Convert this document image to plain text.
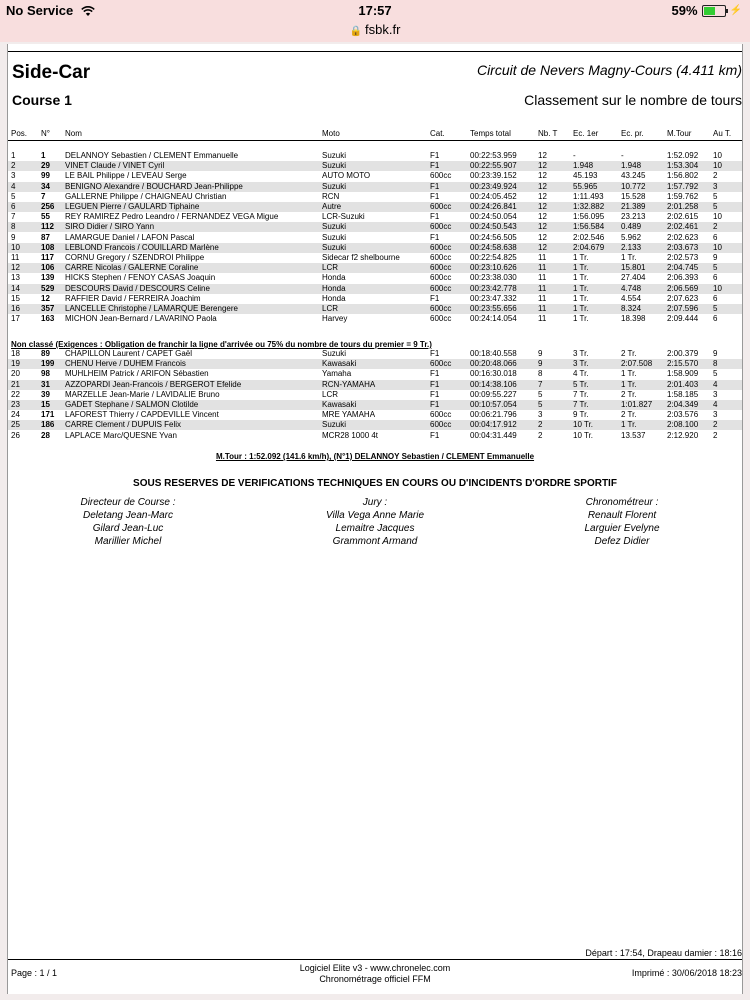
No Service	17:57	59%	⚡
🔒 fsbk.fr
Side-Car	Circuit de Nevers Magny-Cours (4.411 km)
Course 1	Classement sur le nombre de tours
Pos. N° Nom	Moto	Cat.	Temps total	Nb. T Ec. 1er	Ec. pr.	M.Tour	Au T.
1	1 DELANNOY Sebastien / CLEMENT Emmanuelle	Suzuki	F1	00:22:53.959	12	-	-	1:52.092 10
2	29 VINET Claude / VINET Cyril	Suzuki	F1	00:22:55.907	12	1.948	1.948	1:53.304 10
3	99 LE BAIL Philippe / LEVEAU Serge	AUTO MOTO	600cc 00:23:39.152	12	45.193	43.245	1:56.802 2
4	34 BENIGNO Alexandre / BOUCHARD Jean-Philippe	Suzuki	F1	00:23:49.924	12	55.965	10.772	1:57.792 3
5	7 GALLERNE Philippe / CHAIGNEAU Christian	RCN	F1	00:24:05.452	12	1:11.493 15.528	1:59.762 5
6	256 LEGUEN Pierre / GAULARD Tiphaine	Autre	600cc 00:24:26.841	12	1:32.882 21.389	2:01.258 5
7	55 REY RAMIREZ Pedro Leandro / FERNANDEZ VEGA Migue	LCR-Suzuki	F1	00:24:50.054	12	1:56.095 23.213	2:02.615 10
8	112 SIRO Didier / SIRO Yann	Suzuki	600cc 00:24:50.543	12	1:56.584 0.489	2:02.461 2
9	87 LAMARGUE Daniel / LAFON Pascal	Suzuki	F1	00:24:56.505	12	2:02.546 5.962	2:02.623 6
10	108 LEBLOND Francois / COUILLARD Marlène	Suzuki	600cc 00:24:58.638	12	2:04.679 2.133	2:03.673 10
11	117 CORNU Gregory / SZENDROI Philippe	Sidecar f2 shelbourne	600cc 00:22:54.825	11	1 Tr.	1 Tr.	2:02.573 9
12	106 CARRE Nicolas / GALERNE Coraline	LCR	600cc 00:23:10.626	11	1 Tr.	15.801	2:04.745 5
13	139 HICKS Stephen / FENOY CASAS Joaquin	Honda	600cc 00:23:38.030	11	1 Tr.	27.404	2:06.393 6
14	529 DESCOURS David / DESCOURS Celine	Honda	600cc 00:23:42.778	11	1 Tr.	4.748	2:06.569 10
15	12 RAFFIER David / FERREIRA Joachim	Honda	F1	00:23:47.332	11	1 Tr.	4.554	2:07.623 6
16	357 LANCELLE Christophe / LAMARQUE Berengere	LCR	600cc 00:23:55.656	11	1 Tr.	8.324	2:07.596 5
17	163 MICHON Jean-Bernard / LAVARINO Paola	Harvey	600cc 00:24:14.054	11	1 Tr.	18.398	2:09.444 6
Non classé (Exigences : Obligation de franchir la ligne d'arrivée ou 75% du nombre de tours du premier = 9 Tr.)
18	89 CHAPILLON Laurent / CAPET Gaël	Suzuki	F1	00:18:40.558	9	3 Tr.	2 Tr.	2:00.379 9
19	199 CHENU Herve / DUHEM Francois	Kawasaki	600cc 00:20:48.066	9	3 Tr.	2:07.508 2:15.570 8
20	98 MUHLHEIM Patrick / ARIFON Sébastien	Yamaha	F1	00:16:30.018	8	4 Tr.	1 Tr.	1:58.909 5
21	31 AZZOPARDI Jean-Francois / BERGEROT Efelide	RCN-YAMAHA	F1	00:14:38.106	7	5 Tr.	1 Tr.	2:01.403 4
22	39 MARZELLE Jean-Marie / LAVIDALIE Bruno	LCR	F1	00:09:55.227	5	7 Tr.	2 Tr.	1:58.185 3
23	15 GADET Stephane / SALMON Clotilde	Kawasaki	F1	00:10:57.054	5	7 Tr.	1:01.827 2:04.349 4
24	171 LAFOREST Thierry / CAPDEVILLE Vincent	MRE YAMAHA	600cc 00:06:21.796	3	9 Tr.	2 Tr.	2:03.576 3
25	186 CARRE Clement / DUPUIS Felix	Suzuki	600cc 00:04:17.912	2	10 Tr.	1 Tr.	2:08.100 2
26	28 LAPLACE Marc/QUESNE Yvan	MCR28 1000 4t	F1	00:04:31.449	2	10 Tr.	13.537	2:12.920 2
M.Tour : 1:52.092 (141.6 km/h), (N°1) DELANNOY Sebastien / CLEMENT Emmanuelle
SOUS RESERVES DE VERIFICATIONS TECHNIQUES EN COURS OU D'INCIDENTS D'ORDRE SPORTIF
Directeur de Course :
Deletang Jean-Marc
Gilard Jean-Luc
Marillier Michel
Jury :
Villa Vega Anne Marie
Lemaitre Jacques
Grammont Armand
Chronométreur :
Renault Florent
Larguier Evelyne
Defez Didier
Départ : 17:54, Drapeau damier : 18:16
Page : 1 / 1	Logiciel Elite v3 - www.chronelec.com
Chronométrage officiel FFM
Imprimé : 30/06/2018 18:23
